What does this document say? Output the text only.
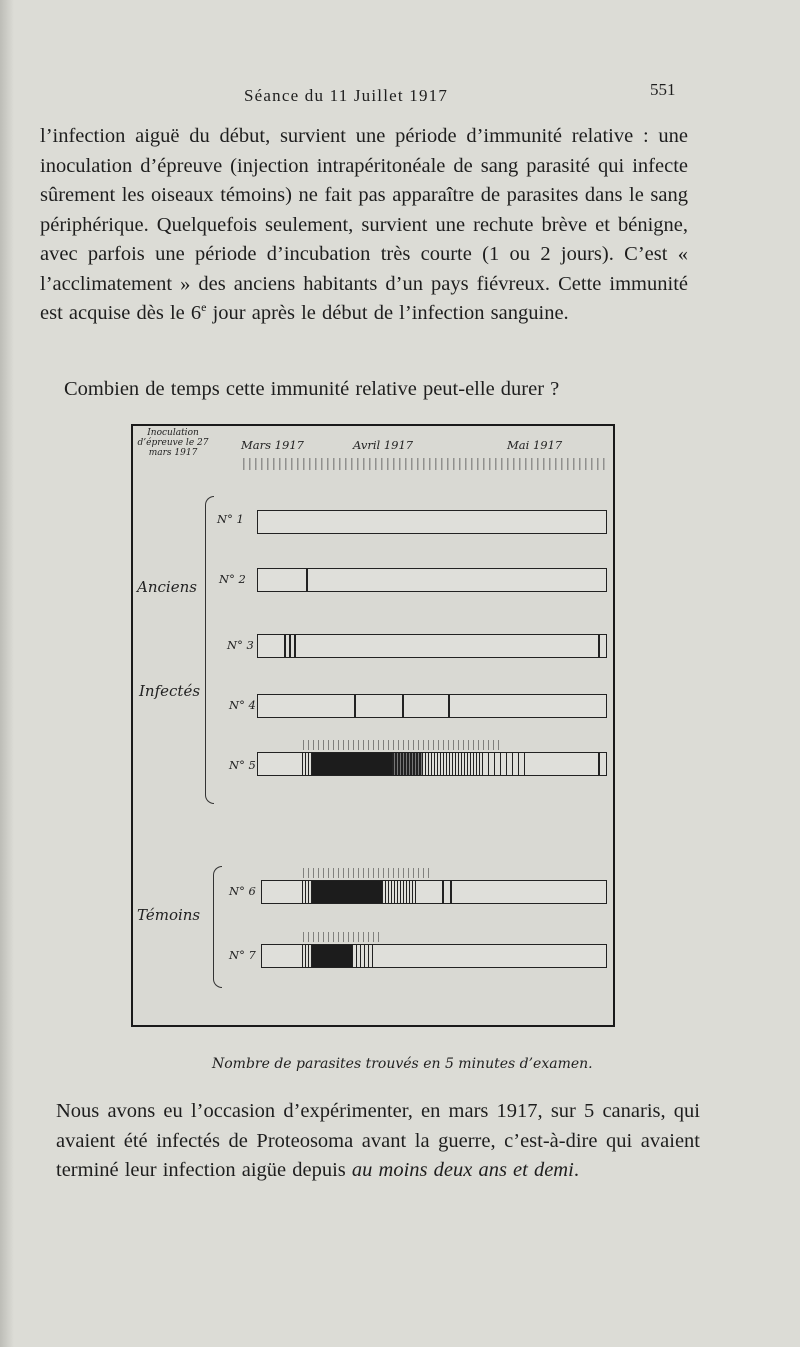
Séance du 11 Juillet 1917	551
l’infection aiguë du début, survient une période d’immunité relative : une inoculation d’épreuve (injection intrapéritonéale de sang parasité qui infecte sûrement les oiseaux témoins) ne fait pas apparaître de parasites dans le sang périphérique. Quelquefois seulement, survient une rechute brève et bénigne, avec parfois une période d’incubation très courte (1 ou 2 jours). C’est « l’acclimatement » des anciens habitants d’un pays fiévreux. Cette immunité est acquise dès le 6e jour après le début de l’infection sanguine.
Combien de temps cette immunité relative peut-elle durer ?
Inoculation d’épreuve le 27 mars 1917
Mars 1917	Avril 1917	Mai 1917
Anciens
Infectés
Témoins
N° 1
N° 2
N° 3
N° 4
N° 5
N° 6
N° 7
Nombre de parasites trouvés en 5 minutes d’examen.
Nous avons eu l’occasion d’expérimenter, en mars 1917, sur 5 canaris, qui avaient été infectés de Proteosoma avant la guerre, c’est-à-dire qui avaient terminé leur infection aigüe depuis au moins deux ans et demi.
